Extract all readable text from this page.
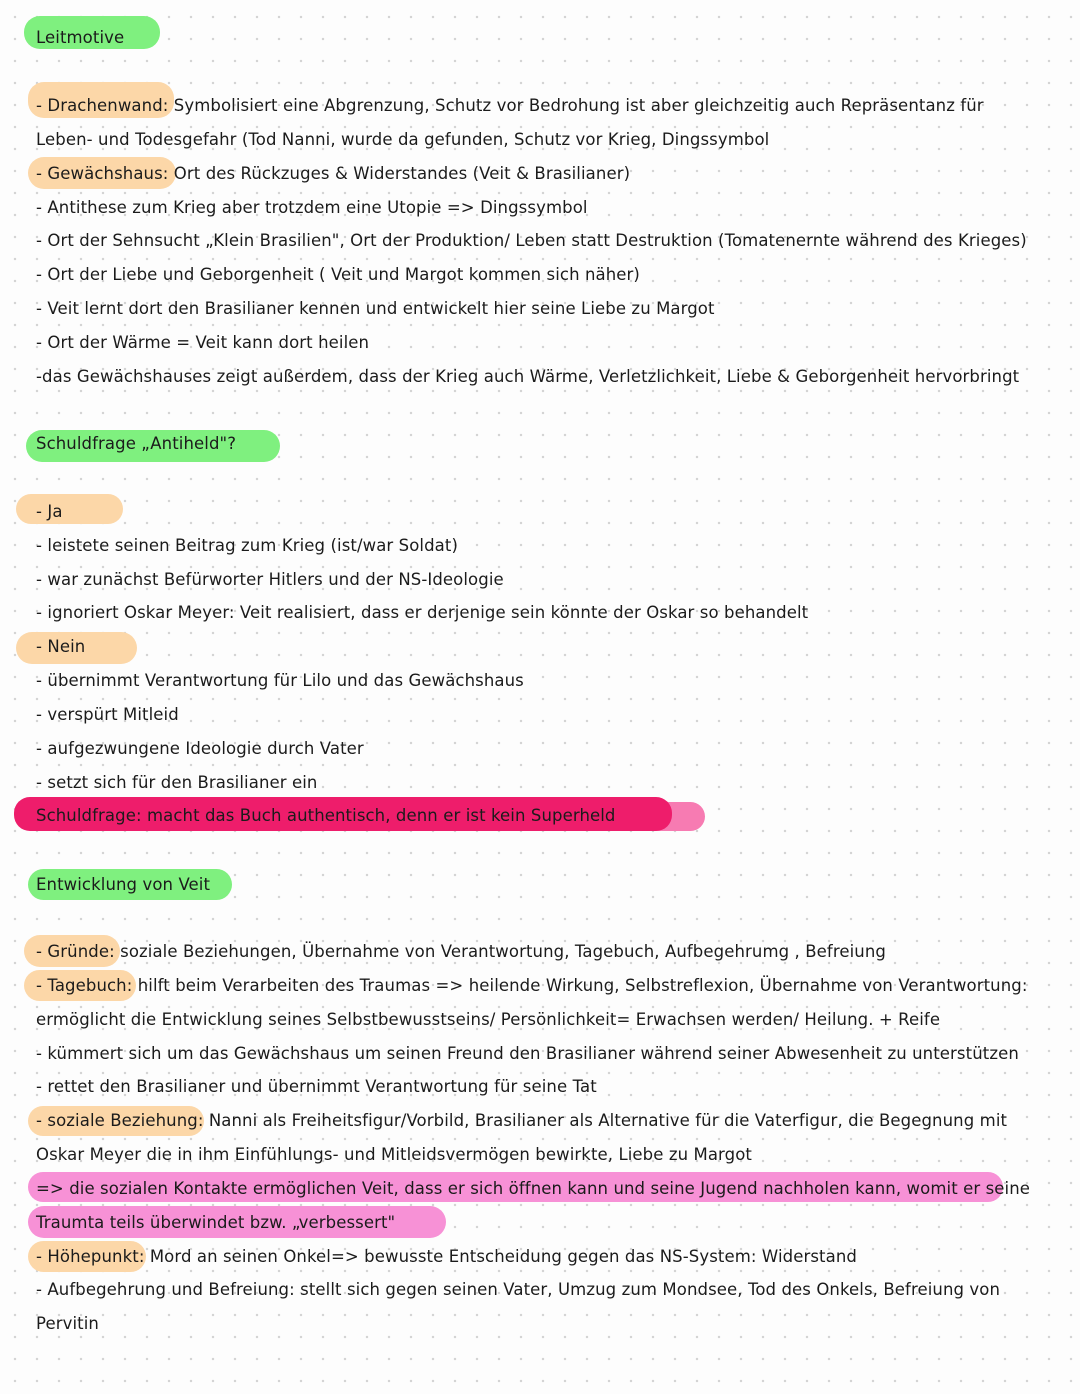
Leitmotive
- Drachenwand: Symbolisiert eine Abgrenzung, Schutz vor Bedrohung ist aber gleichzeitig auch Repräsentanz für
Leben- und Todesgefahr (Tod Nanni, wurde da gefunden, Schutz vor Krieg, Dingssymbol
- Gewächshaus: Ort des Rückzuges & Widerstandes (Veit & Brasilianer)
- Antithese zum Krieg aber trotzdem eine Utopie => Dingssymbol
- Ort der Sehnsucht „Klein Brasilien", Ort der Produktion/ Leben statt Destruktion (Tomatenernte während des Krieges)
- Ort der Liebe und Geborgenheit ( Veit und Margot kommen sich näher)
- Veit lernt dort den Brasilianer kennen und entwickelt hier seine Liebe zu Margot
- Ort der Wärme = Veit kann dort heilen
-das Gewächshauses zeigt außerdem, dass der Krieg auch Wärme, Verletzlichkeit, Liebe & Geborgenheit hervorbringt
Schuldfrage „Antiheld"?
- Ja
- leistete seinen Beitrag zum Krieg (ist/war Soldat)
- war zunächst Befürworter Hitlers und der NS-Ideologie
- ignoriert Oskar Meyer: Veit realisiert, dass er derjenige sein könnte der Oskar so behandelt
- Nein
- übernimmt Verantwortung für Lilo und das Gewächshaus
- verspürt Mitleid
- aufgezwungene Ideologie durch Vater
- setzt sich für den Brasilianer ein
Schuldfrage: macht das Buch authentisch, denn er ist kein Superheld
Entwicklung von Veit
- Gründe: soziale Beziehungen, Übernahme von Verantwortung, Tagebuch, Aufbegehrumg , Befreiung
- Tagebuch: hilft beim Verarbeiten des Traumas => heilende Wirkung, Selbstreflexion, Übernahme von Verantwortung:
ermöglicht die Entwicklung seines Selbstbewusstseins/ Persönlichkeit= Erwachsen werden/ Heilung. + Reife
- kümmert sich um das Gewächshaus um seinen Freund den Brasilianer während seiner Abwesenheit zu unterstützen
- rettet den Brasilianer und übernimmt Verantwortung für seine Tat
- soziale Beziehung: Nanni als Freiheitsfigur/Vorbild, Brasilianer als Alternative für die Vaterfigur, die Begegnung mit
Oskar Meyer die in ihm Einfühlungs- und Mitleidsvermögen bewirkte, Liebe zu Margot
=> die sozialen Kontakte ermöglichen Veit, dass er sich öffnen kann und seine Jugend nachholen kann, womit er seine
Traumta teils überwindet bzw. „verbessert"
- Höhepunkt: Mord an seinen Onkel=> bewusste Entscheidung gegen das NS-System: Widerstand
- Aufbegehrung und Befreiung: stellt sich gegen seinen Vater, Umzug zum Mondsee, Tod des Onkels, Befreiung von
Pervitin
